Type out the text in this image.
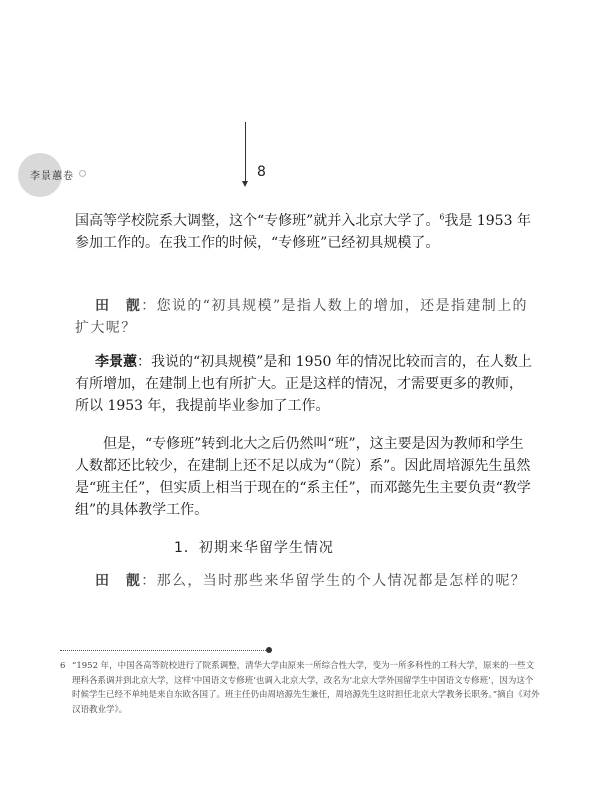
李景蕙卷	8
国高等学校院系大调整，这个“专修班”就并入北京大学了。$^6$我是 1953 年参加工作的。在我工作的时候，“专修班”已经初具规模了。
田　靓：您说的“初具规模”是指人数上的增加，还是指建制上的扩大呢？
李景蕙：我说的“初具规模”是和 1950 年的情况比较而言的，在人数上有所增加，在建制上也有所扩大。正是这样的情况，才需要更多的教师，所以 1953 年，我提前毕业参加了工作。
　　但是，“专修班”转到北大之后仍然叫“班”，这主要是因为教师和学生人数都还比较少，在建制上还不足以成为“（院）系”。因此周培源先生虽然是“班主任”，但实质上相当于现在的“系主任”，而邓懿先生主要负责“教学组”的具体教学工作。
1．初期来华留学生情况
田　靓：那么，当时那些来华留学生的个人情况都是怎样的呢？
6 “1952 年，中国各高等院校进行了院系调整，清华大学由原来一所综合性大学，变为一所多科性的工科大学，原来的一些文理科各系调并到北京大学，这样‘中国语文专修班’也调入北京大学，改名为‘北京大学外国留学生中国语文专修班’，因为这个时候学生已经不单纯是来自东欧各国了。班主任仍由周培源先生兼任，周培源先生这时担任北京大学教务长职务。”摘自《对外汉语教业学》。
